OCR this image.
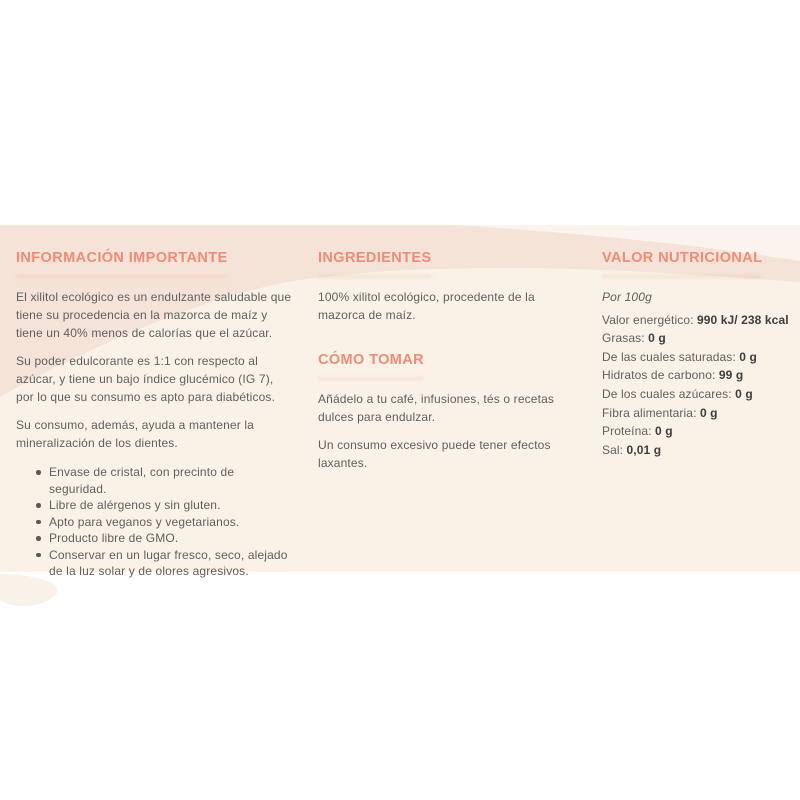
INFORMACIÓN IMPORTANTE

El xilitol ecológico es un endulzante saludable que tiene su procedencia en la mazorca de maíz y tiene un 40% menos de calorías que el azúcar.

Su poder edulcorante es 1:1 con respecto al azúcar, y tiene un bajo índice glucémico (IG 7), por lo que su consumo es apto para diabéticos.

Su consumo, además, ayuda a mantener la mineralización de los dientes.

Envase de cristal, con precinto de seguridad.
Libre de alérgenos y sin gluten.
Apto para veganos y vegetarianos.
Producto libre de GMO.
Conservar en un lugar fresco, seco, alejado de la luz solar y de olores agresivos.
INGREDIENTES

100% xilitol ecológico, procedente de la mazorca de maíz.

CÓMO TOMAR

Añádelo a tu café, infusiones, tés o recetas dulces para endulzar.

Un consumo excesivo puede tener efectos laxantes.

VALOR NUTRICIONAL
Por 100g
Valor energético: 990 kJ/ 238 kcal
Grasas: 0 g
De las cuales saturadas: 0 g
Hidratos de carbono: 99 g
De los cuales azúcares: 0 g
Fibra alimentaria: 0 g
Proteína: 0 g
Sal: 0,01 g
